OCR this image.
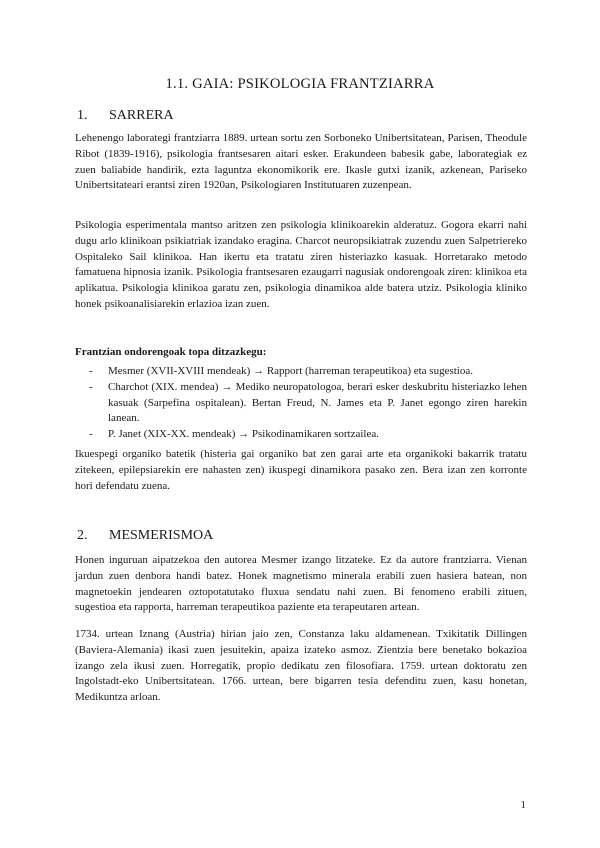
1.1. GAIA: PSIKOLOGIA FRANTZIARRA
1.	SARRERA

Lehenengo laborategi frantziarra 1889. urtean sortu zen Sorboneko Unibertsitatean, Parisen, Theodule Ribot (1839-1916), psikologia frantsesaren aitari esker. Erakundeen babesik gabe, laborategiak ez zuen baliabide handirik, ezta laguntza ekonomikorik ere. Ikasle gutxi izanik, azkenean, Pariseko Unibertsitateari erantsi ziren 1920an, Psikologiaren Institutuaren zuzenpean.

Psikologia esperimentala mantso aritzen zen psikologia klinikoarekin alderatuz. Gogora ekarri nahi dugu arlo klinikoan psikiatriak izandako eragina. Charcot neuropsikiatrak zuzendu zuen Salpetriereko Ospitaleko Sail klinikoa. Han ikertu eta tratatu ziren histeriazko kasuak. Horretarako metodo famatuena hipnosia izanik. Psikologia frantsesaren ezaugarri nagusiak ondorengoak ziren: klinikoa eta aplikatua. Psikologia klinikoa garatu zen, psikologia dinamikoa alde batera utziz. Psikologia kliniko honek psikoanalisiarekin erlazioa izan zuen.

Frantzian ondorengoak topa ditzazkegu:
- Mesmer (XVII-XVIII mendeak) → Rapport (harreman terapeutikoa) eta sugestioa.
- Charchot (XIX. mendea) → Mediko neuropatologoa, berari esker deskubritu histeriazko lehen kasuak (Sarpefina ospitalean). Bertan Freud, N. James eta P. Janet egongo ziren harekin lanean.
- P. Janet (XIX-XX. mendeak) → Psikodinamikaren sortzailea.

Ikuespegi organiko batetik (histeria gai organiko bat zen garai arte eta organikoki bakarrik tratatu zitekeen, epilepsiarekin ere nahasten zen) ikuspegi dinamikora pasako zen. Bera izan zen korronte hori defendatu zuena.

2.	MESMERISMOA

Honen inguruan aipatzekoa den autorea Mesmer izango litzateke. Ez da autore frantziarra. Vienan jardun zuen denbora handi batez. Honek magnetismo minerala erabili zuen hasiera batean, non magnetoekin jendearen oztopotatutako fluxua sendatu nahi zuen. Bi fenomeno erabili zituen, sugestioa eta rapporta, harreman terapeutikoa paziente eta terapeutaren artean.

1734. urtean Iznang (Austria) hirian jaio zen, Constanza laku aldamenean. Txikitatik Dillingen (Baviera-Alemania) ikasi zuen jesuitekin, apaiza izateko asmoz. Zientzia bere benetako bokazioa izango zela ikusi zuen. Horregatik, propio dedikatu zen filosofiara. 1759. urtean doktoratu zen Ingolstadt-eko Unibertsitatean. 1766. urtean, bere bigarren tesia defenditu zuen, kasu honetan, Medikuntza arloan.

1
